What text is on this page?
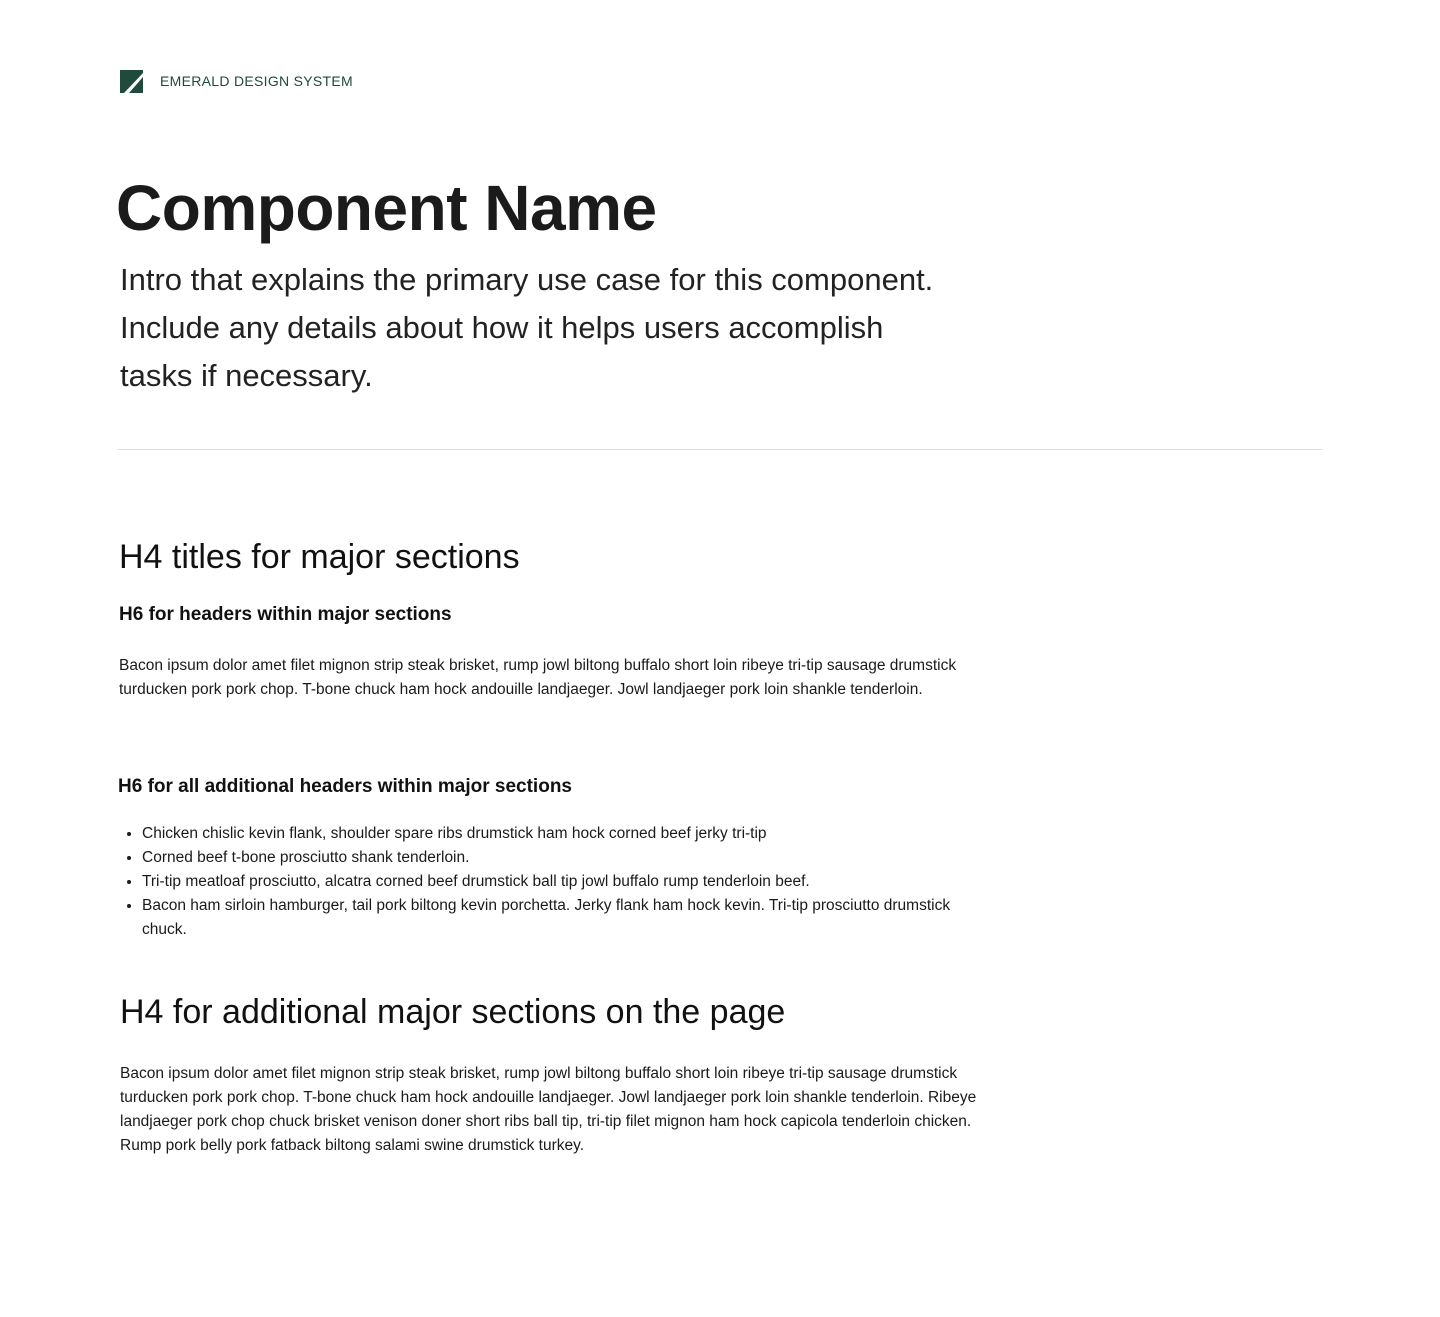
EMERALD DESIGN SYSTEM
Component Name

Intro that explains the primary use case for this component. Include any details about how it helps users accomplish tasks if necessary.

H4 titles for major sections
H6 for headers within major sections

Bacon ipsum dolor amet filet mignon strip steak brisket, rump jowl biltong buffalo short loin ribeye tri-tip sausage drumstick turducken pork pork chop. T-bone chuck ham hock andouille landjaeger. Jowl landjaeger pork loin shankle tenderloin.

H6 for all additional headers within major sections
• Chicken chislic kevin flank, shoulder spare ribs drumstick ham hock corned beef jerky tri-tip
• Corned beef t-bone prosciutto shank tenderloin.
• Tri-tip meatloaf prosciutto, alcatra corned beef drumstick ball tip jowl buffalo rump tenderloin beef.
• Bacon ham sirloin hamburger, tail pork biltong kevin porchetta. Jerky flank ham hock kevin. Tri-tip prosciutto drumstick chuck.
H4 for additional major sections on the page

Bacon ipsum dolor amet filet mignon strip steak brisket, rump jowl biltong buffalo short loin ribeye tri-tip sausage drumstick turducken pork pork chop. T-bone chuck ham hock andouille landjaeger. Jowl landjaeger pork loin shankle tenderloin. Ribeye landjaeger pork chop chuck brisket venison doner short ribs ball tip, tri-tip filet mignon ham hock capicola tenderloin chicken. Rump pork belly pork fatback biltong salami swine drumstick turkey.
